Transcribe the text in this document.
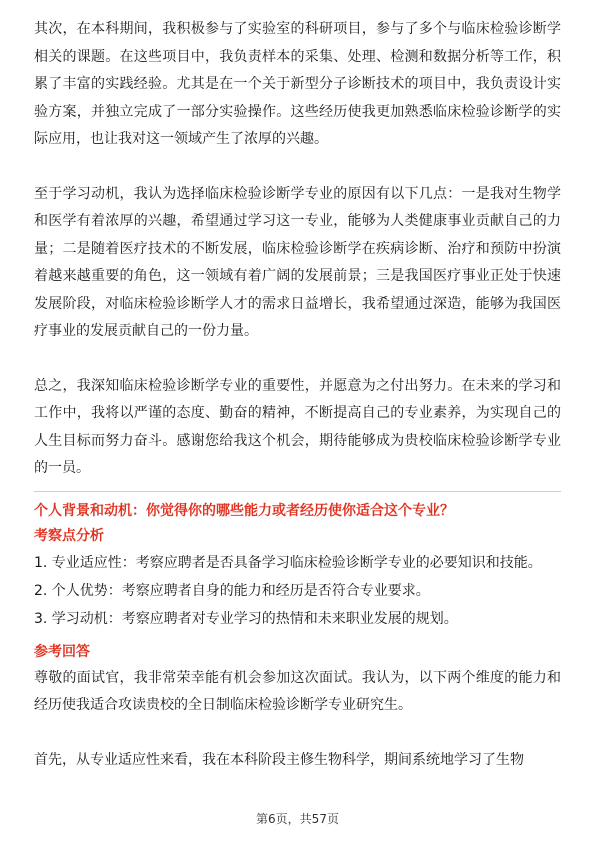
其次，在本科期间，我积极参与了实验室的科研项目，参与了多个与临床检验诊断学相关的课题。在这些项目中，我负责样本的采集、处理、检测和数据分析等工作，积累了丰富的实践经验。尤其是在一个关于新型分子诊断技术的项目中，我负责设计实验方案，并独立完成了一部分实验操作。这些经历使我更加熟悉临床检验诊断学的实际应用，也让我对这一领域产生了浓厚的兴趣。

至于学习动机，我认为选择临床检验诊断学专业的原因有以下几点：一是我对生物学和医学有着浓厚的兴趣，希望通过学习这一专业，能够为人类健康事业贡献自己的力量；二是随着医疗技术的不断发展，临床检验诊断学在疾病诊断、治疗和预防中扮演着越来越重要的角色，这一领域有着广阔的发展前景；三是我国医疗事业正处于快速发展阶段，对临床检验诊断学人才的需求日益增长，我希望通过深造，能够为我国医疗事业的发展贡献自己的一份力量。

总之，我深知临床检验诊断学专业的重要性，并愿意为之付出努力。在未来的学习和工作中，我将以严谨的态度、勤奋的精神，不断提高自己的专业素养，为实现自己的人生目标而努力奋斗。感谢您给我这个机会，期待能够成为贵校临床检验诊断学专业的一员。

个人背景和动机：你觉得你的哪些能力或者经历使你适合这个专业？

考察点分析

1. 专业适应性：考察应聘者是否具备学习临床检验诊断学专业的必要知识和技能。

2. 个人优势：考察应聘者自身的能力和经历是否符合专业要求。

3. 学习动机：考察应聘者对专业学习的热情和未来职业发展的规划。

参考回答

尊敬的面试官，我非常荣幸能有机会参加这次面试。我认为，以下两个维度的能力和经历使我适合攻读贵校的全日制临床检验诊断学专业研究生。

首先，从专业适应性来看，我在本科阶段主修生物科学，期间系统地学习了生物

第6页，共57页
